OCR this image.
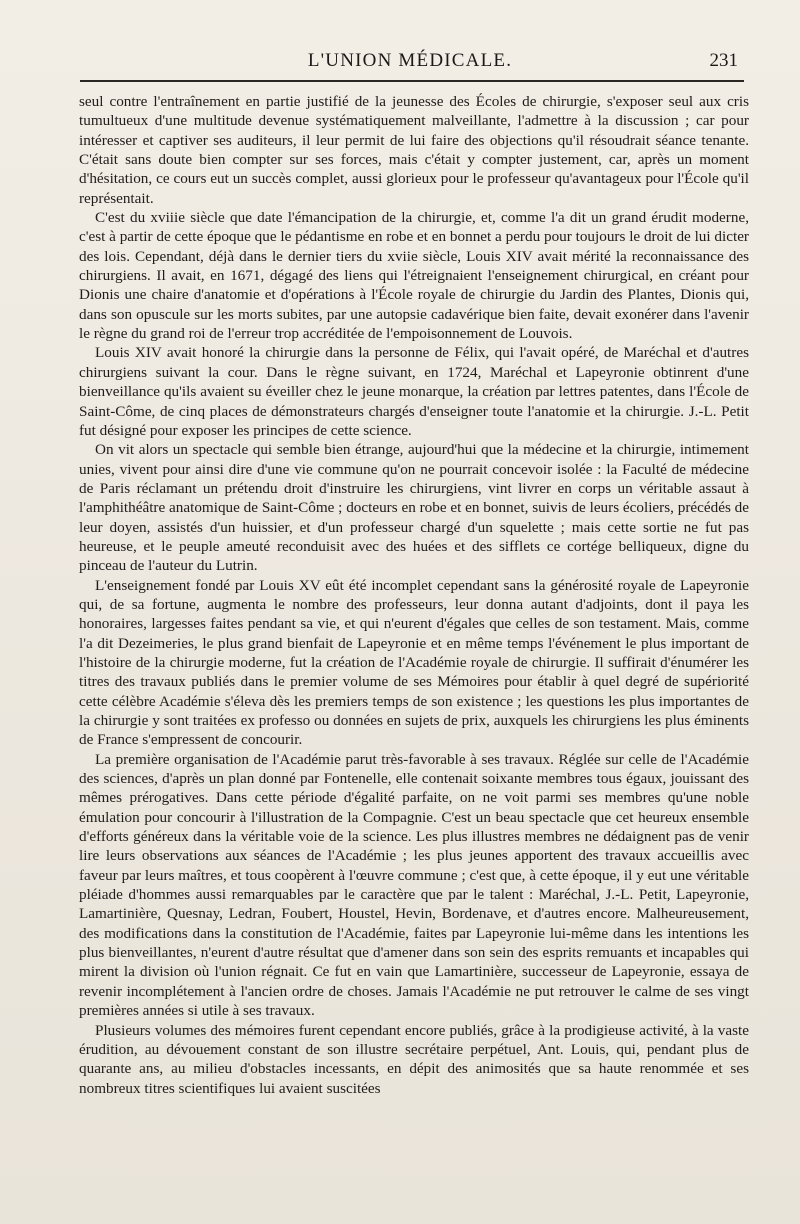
L'UNION MÉDICALE.	231

seul contre l'entraînement en partie justifié de la jeunesse des Écoles de chirurgie, s'exposer seul aux cris tumultueux d'une multitude devenue systématiquement malveillante, l'admettre à la discussion ; car pour intéresser et captiver ses auditeurs, il leur permit de lui faire des objections qu'il résoudrait séance tenante. C'était sans doute bien compter sur ses forces, mais c'était y compter justement, car, après un moment d'hésitation, ce cours eut un succès complet, aussi glorieux pour le professeur qu'avantageux pour l'École qu'il représentait.

C'est du xviiie siècle que date l'émancipation de la chirurgie, et, comme l'a dit un grand érudit moderne, c'est à partir de cette époque que le pédantisme en robe et en bonnet a perdu pour toujours le droit de lui dicter des lois. Cependant, déjà dans le dernier tiers du xviie siècle, Louis XIV avait mérité la reconnaissance des chirurgiens. Il avait, en 1671, dégagé des liens qui l'étreignaient l'enseignement chirurgical, en créant pour Dionis une chaire d'anatomie et d'opérations à l'École royale de chirurgie du Jardin des Plantes, Dionis qui, dans son opuscule sur les morts subites, par une autopsie cadavérique bien faite, devait exonérer dans l'avenir le règne du grand roi de l'erreur trop accréditée de l'empoisonnement de Louvois.

Louis XIV avait honoré la chirurgie dans la personne de Félix, qui l'avait opéré, de Maréchal et d'autres chirurgiens suivant la cour. Dans le règne suivant, en 1724, Maréchal et Lapeyronie obtinrent d'une bienveillance qu'ils avaient su éveiller chez le jeune monarque, la création par lettres patentes, dans l'École de Saint-Côme, de cinq places de démonstrateurs chargés d'enseigner toute l'anatomie et la chirurgie. J.-L. Petit fut désigné pour exposer les principes de cette science.

On vit alors un spectacle qui semble bien étrange, aujourd'hui que la médecine et la chirurgie, intimement unies, vivent pour ainsi dire d'une vie commune qu'on ne pourrait concevoir isolée : la Faculté de médecine de Paris réclamant un prétendu droit d'instruire les chirurgiens, vint livrer en corps un véritable assaut à l'amphithéâtre anatomique de Saint-Côme ; docteurs en robe et en bonnet, suivis de leurs écoliers, précédés de leur doyen, assistés d'un huissier, et d'un professeur chargé d'un squelette ; mais cette sortie ne fut pas heureuse, et le peuple ameuté reconduisit avec des huées et des sifflets ce cortége belliqueux, digne du pinceau de l'auteur du Lutrin.

L'enseignement fondé par Louis XV eût été incomplet cependant sans la générosité royale de Lapeyronie qui, de sa fortune, augmenta le nombre des professeurs, leur donna autant d'adjoints, dont il paya les honoraires, largesses faites pendant sa vie, et qui n'eurent d'égales que celles de son testament. Mais, comme l'a dit Dezeimeries, le plus grand bienfait de Lapeyronie et en même temps l'événement le plus important de l'histoire de la chirurgie moderne, fut la création de l'Académie royale de chirurgie. Il suffirait d'énumérer les titres des travaux publiés dans le premier volume de ses Mémoires pour établir à quel degré de supériorité cette célèbre Académie s'éleva dès les premiers temps de son existence ; les questions les plus importantes de la chirurgie y sont traitées ex professo ou données en sujets de prix, auxquels les chirurgiens les plus éminents de France s'empressent de concourir.

La première organisation de l'Académie parut très-favorable à ses travaux. Réglée sur celle de l'Académie des sciences, d'après un plan donné par Fontenelle, elle contenait soixante membres tous égaux, jouissant des mêmes prérogatives. Dans cette période d'égalité parfaite, on ne voit parmi ses membres qu'une noble émulation pour concourir à l'illustration de la Compagnie. C'est un beau spectacle que cet heureux ensemble d'efforts généreux dans la véritable voie de la science. Les plus illustres membres ne dédaignent pas de venir lire leurs observations aux séances de l'Académie ; les plus jeunes apportent des travaux accueillis avec faveur par leurs maîtres, et tous coopèrent à l'œuvre commune ; c'est que, à cette époque, il y eut une véritable pléiade d'hommes aussi remarquables par le caractère que par le talent : Maréchal, J.-L. Petit, Lapeyronie, Lamartinière, Quesnay, Ledran, Foubert, Houstel, Hevin, Bordenave, et d'autres encore. Malheureusement, des modifications dans la constitution de l'Académie, faites par Lapeyronie lui-même dans les intentions les plus bienveillantes, n'eurent d'autre résultat que d'amener dans son sein des esprits remuants et incapables qui mirent la division où l'union régnait. Ce fut en vain que Lamartinière, successeur de Lapeyronie, essaya de revenir incomplétement à l'ancien ordre de choses. Jamais l'Académie ne put retrouver le calme de ses vingt premières années si utile à ses travaux.

Plusieurs volumes des mémoires furent cependant encore publiés, grâce à la prodigieuse activité, à la vaste érudition, au dévouement constant de son illustre secrétaire perpétuel, Ant. Louis, qui, pendant plus de quarante ans, au milieu d'obstacles incessants, en dépit des animosités que sa haute renommée et ses nombreux titres scientifiques lui avaient suscitées
